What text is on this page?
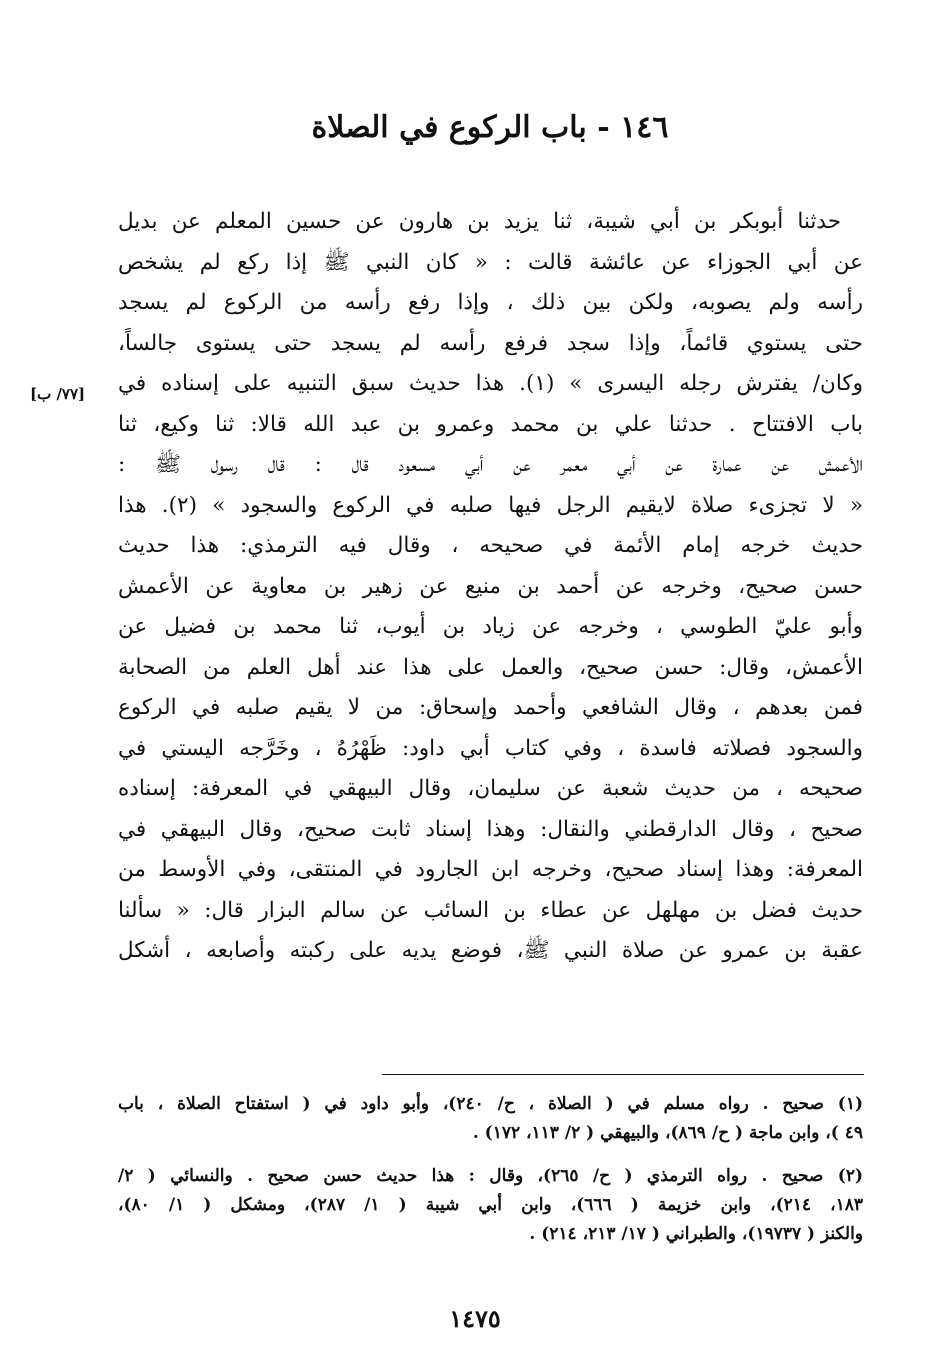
١٤٦ - باب الركوع في الصلاة
[٧٧/ ب]
حدثنا أبوبكر بن أبي شيبة، ثنا يزيد بن هارون عن حسين المعلم عن بديل
عن أبي الجوزاء عن عائشة قالت : « كان النبي ﷺ إذا ركع لم يشخص
رأسه ولم يصوبه، ولكن بين ذلك ، وإذا رفع رأسه من الركوع لم يسجد
حتى يستوي قائماً، وإذا سجد فرفع رأسه لم يسجد حتى يستوى جالساً،
وكان/ يفترش رجله اليسرى » (١). هذا حديث سبق التنبيه على إسناده في
باب الافتتاح . حدثنا علي بن محمد وعمرو بن عبد الله قالا: ثنا وكيع، ثنا
الأعمش عن عمارة عن أبي معمر عن أبي مسعود قال : قال رسول ﷺ :
« لا تجزىء صلاة لايقيم الرجل فيها صلبه في الركوع والسجود » (٢). هذا
حديث خرجه إمام الأئمة في صحيحه ، وقال فيه الترمذي: هذا حديث
حسن صحيح، وخرجه عن أحمد بن منيع عن زهير بن معاوية عن الأعمش
وأبو عليّ الطوسي ، وخرجه عن زياد بن أيوب، ثنا محمد بن فضيل عن
الأعمش، وقال: حسن صحيح، والعمل على هذا عند أهل العلم من الصحابة
فمن بعدهم ، وقال الشافعي وأحمد وإسحاق: من لا يقيم صلبه في الركوع
والسجود فصلاته فاسدة ، وفي كتاب أبي داود: ظَهْرُهُ ، وخَرَّجه اليستي في
صحيحه ، من حديث شعبة عن سليمان، وقال البيهقي في المعرفة: إسناده
صحيح ، وقال الدارقطني والنقال: وهذا إسناد ثابت صحيح، وقال البيهقي في
المعرفة: وهذا إسناد صحيح، وخرجه ابن الجارود في المنتقى، وفي الأوسط من
حديث فضل بن مهلهل عن عطاء بن السائب عن سالم البزار قال: « سألنا
عقبة بن عمرو عن صلاة النبي ﷺ، فوضع يديه على ركبته وأصابعه ، أشكل
(١) صحيح . رواه مسلم في ( الصلاة ، ح/ ٢٤٠)، وأبو داود في ( استفتاح الصلاة ، باب
٤٩ )، وابن ماجة ( ح/ ٨٦٩)، والبيهقي ( ٢/ ١١٣، ١٧٢) .
(٢) صحيح . رواه الترمذي ( ح/ ٢٦٥)، وقال : هذا حديث حسن صحيح . والنسائي ( ٢/
١٨٣، ٢١٤)، وابن خزيمة ( ٦٦٦)، وابن أبي شيبة ( ١/ ٢٨٧)، ومشكل ( ١/ ٨٠)،
والكنز ( ١٩٧٣٧)، والطبراني ( ١٧/ ٢١٣، ٢١٤) .
١٤٧٥
